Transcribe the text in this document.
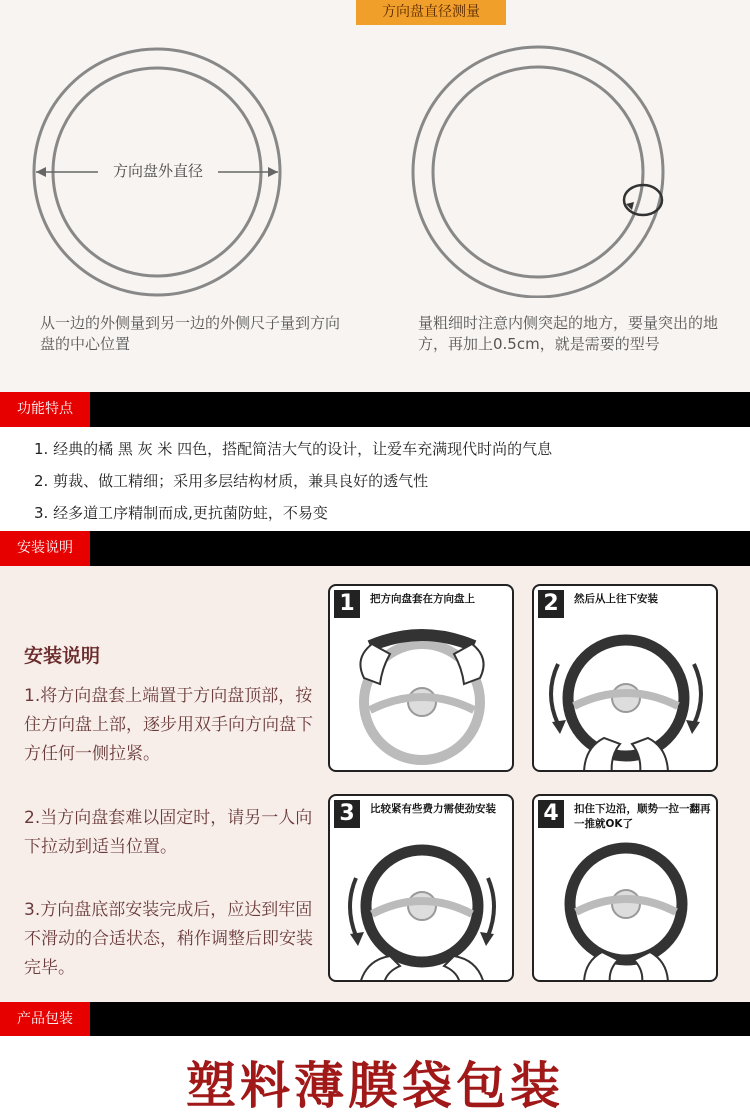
方向盘直径测量
方向盘外直径
从一边的外侧量到另一边的外侧尺子量到方向盘的中心位置
量粗细时注意内侧突起的地方，要量突出的地方，再加上0.5cm，就是需要的型号
功能特点
1. 经典的橘 黑 灰 米 四色，搭配简洁大气的设计，让爱车充满现代时尚的气息
2. 剪裁、做工精细；采用多层结构材质，兼具良好的透气性
3. 经多道工序精制而成,更抗菌防蛀，不易变
安装说明
安装说明
1.将方向盘套上端置于方向盘顶部，按住方向盘上部，逐步用双手向方向盘下方任何一侧拉紧。
2.当方向盘套难以固定时，请另一人向下拉动到适当位置。
3.方向盘底部安装完成后，应达到牢固不滑动的合适状态，稍作调整后即安装完毕。
1	把方向盘套在方向盘上	2	然后从上往下安装
3	比较紧有些费力需使劲安装	4	扣住下边沿，顺势一拉一翻再一推就OK了
产品包装
塑料薄膜袋包装
